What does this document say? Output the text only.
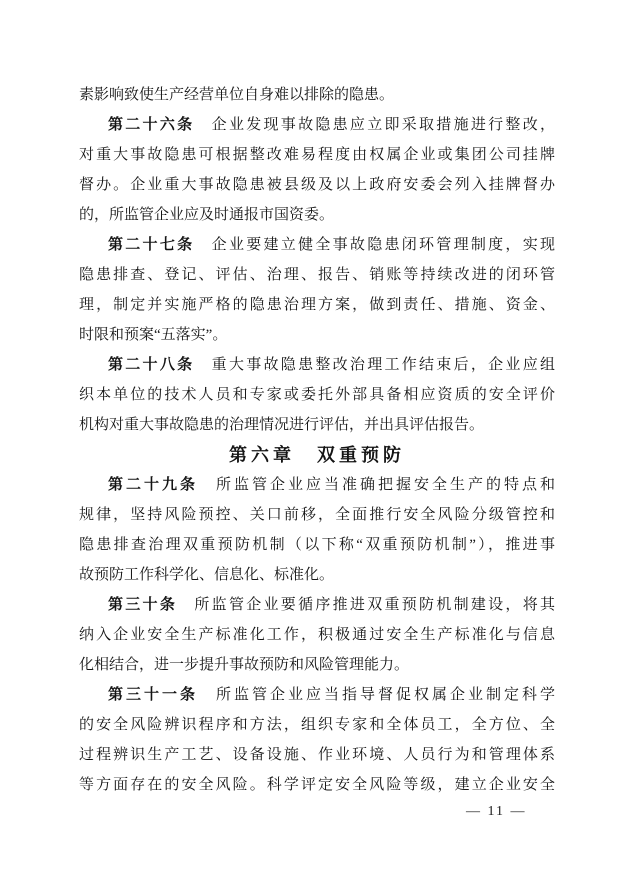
素影响致使生产经营单位自身难以排除的隐患。
第二十六条 企业发现事故隐患应立即采取措施进行整改，
对重大事故隐患可根据整改难易程度由权属企业或集团公司挂牌
督办。企业重大事故隐患被县级及以上政府安委会列入挂牌督办
的，所监管企业应及时通报市国资委。
第二十七条 企业要建立健全事故隐患闭环管理制度，实现
隐患排查、登记、评估、治理、报告、销账等持续改进的闭环管
理，制定并实施严格的隐患治理方案，做到责任、措施、资金、
时限和预案“五落实”。
第二十八条 重大事故隐患整改治理工作结束后，企业应组
织本单位的技术人员和专家或委托外部具备相应资质的安全评价
机构对重大事故隐患的治理情况进行评估，并出具评估报告。
第六章　双重预防
第二十九条 所监管企业应当准确把握安全生产的特点和
规律，坚持风险预控、关口前移，全面推行安全风险分级管控和
隐患排查治理双重预防机制（以下称“双重预防机制”），推进事
故预防工作科学化、信息化、标准化。
第三十条 所监管企业要循序推进双重预防机制建设，将其
纳入企业安全生产标准化工作，积极通过安全生产标准化与信息
化相结合，进一步提升事故预防和风险管理能力。
第三十一条 所监管企业应当指导督促权属企业制定科学
的安全风险辨识程序和方法，组织专家和全体员工，全方位、全
过程辨识生产工艺、设备设施、作业环境、人员行为和管理体系
等方面存在的安全风险。科学评定安全风险等级，建立企业安全
— 11 —
